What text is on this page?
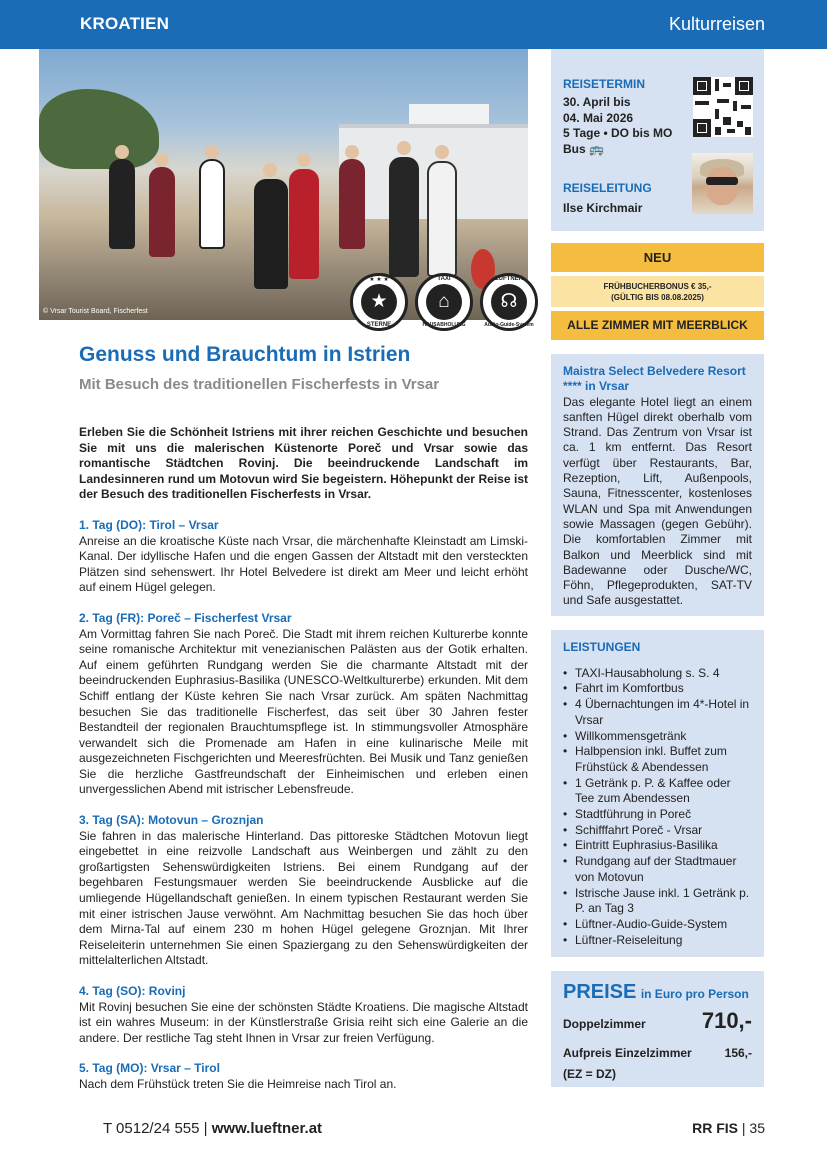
KROATIEN	Kulturreisen
© Vrsar Tourist Board, Fischerfest
★ ★ ★
★
STERNE
TAXI
⌂
HAUSABHOLUNG
LÜFTNER
☊
Audio-Guide-System
Genuss und Brauchtum in Istrien
Mit Besuch des traditionellen Fischerfests in Vrsar

Erleben Sie die Schönheit Istriens mit ihrer reichen Geschichte und besuchen Sie mit uns die malerischen Küstenorte Poreč und Vrsar sowie das romantische Städtchen Rovinj. Die beeindruckende Landschaft im Landesinneren rund um Motovun wird Sie begeistern. Höhepunkt der Reise ist der Besuch des traditionellen Fischerfests in Vrsar.

1. Tag (DO): Tirol – Vrsar

Anreise an die kroatische Küste nach Vrsar, die märchenhafte Kleinstadt am Limski-Kanal. Der idyllische Hafen und die engen Gassen der Altstadt mit den versteckten Plätzen sind sehenswert. Ihr Hotel Belvedere ist direkt am Meer und leicht erhöht auf einem Hügel gelegen.

2. Tag (FR): Poreč – Fischerfest Vrsar

Am Vormittag fahren Sie nach Poreč. Die Stadt mit ihrem reichen Kulturerbe konnte seine romanische Architektur mit venezianischen Palästen aus der Gotik erhalten. Auf einem geführten Rundgang werden Sie die charmante Altstadt mit der beeindruckenden Euphrasius-Basilika (UNESCO-Weltkulturerbe) erkunden. Mit dem Schiff entlang der Küste kehren Sie nach Vrsar zurück. Am späten Nachmittag besuchen Sie das traditionelle Fischerfest, das seit über 30 Jahren fester Bestandteil der regionalen Brauchtumspflege ist. In stimmungsvoller Atmosphäre verwandelt sich die Promenade am Hafen in eine kulinarische Meile mit ausgezeichneten Fischgerichten und Meeresfrüchten. Bei Musik und Tanz genießen Sie die herzliche Gastfreundschaft der Einheimischen und erleben einen unvergesslichen Abend mit istrischer Lebensfreude.

3. Tag (SA): Motovun – Groznjan

Sie fahren in das malerische Hinterland. Das pittoreske Städtchen Motovun liegt eingebettet in eine reizvolle Landschaft aus Weinbergen und zählt zu den großartigsten Sehenswürdigkeiten Istriens. Bei einem Rundgang auf der begehbaren Festungsmauer werden Sie beeindruckende Ausblicke auf die umliegende Hügellandschaft genießen. In einem typischen Restaurant werden Sie mit einer istrischen Jause verwöhnt. Am Nachmittag besuchen Sie das hoch über dem Mirna-Tal auf einem 230 m hohen Hügel gelegene Groznjan. Mit Ihrer Reiseleiterin unternehmen Sie einen Spaziergang zu den Sehenswürdigkeiten der mittelalterlichen Altstadt.

4. Tag (SO): Rovinj

Mit Rovinj besuchen Sie eine der schönsten Städte Kroatiens. Die magische Altstadt ist ein wahres Museum: in der Künstlerstraße Grisia reiht sich eine Galerie an die andere. Der restliche Tag steht Ihnen in Vrsar zur freien Verfügung.

5. Tag (MO): Vrsar – Tirol

Nach dem Frühstück treten Sie die Heimreise nach Tirol an.

REISETERMIN
30. April bis
04. Mai 2026
5 Tage • DO bis MO
Bus 🚌
REISELEITUNG
Ilse Kirchmair
NEU
FRÜHBUCHERBONUS € 35,-
(GÜLTIG BIS 08.08.2025)
ALLE ZIMMER MIT MEERBLICK
Maistra Select Belvedere Resort **** in Vrsar

Das elegante Hotel liegt an einem sanften Hügel direkt oberhalb vom Strand. Das Zentrum von Vrsar ist ca. 1 km entfernt. Das Resort verfügt über Restaurants, Bar, Rezeption, Lift, Außenpools, Sauna, Fitnesscenter, kostenloses WLAN und Spa mit Anwendungen sowie Massagen (gegen Gebühr). Die komfortablen Zimmer mit Balkon und Meerblick sind mit Badewanne oder Dusche/WC, Föhn, Pflegeprodukten, SAT-TV und Safe ausgestattet.

LEISTUNGEN
• TAXI-Hausabholung s. S. 4
• Fahrt im Komfortbus
• 4 Übernachtungen im 4*-Hotel in Vrsar
• Willkommensgetränk
• Halbpension inkl. Buffet zum Frühstück & Abendessen
• 1 Getränk p. P. & Kaffee oder Tee zum Abendessen
• Stadtführung in Poreč
• Schifffahrt Poreč - Vrsar
• Eintritt Euphrasius-Basilika
• Rundgang auf der Stadtmauer von Motovun
• Istrische Jause inkl. 1 Getränk p. P. an Tag 3
• Lüftner-Audio-Guide-System
• Lüftner-Reiseleitung
PREISE in Euro pro Person
Doppelzimmer	710,-
Aufpreis Einzelzimmer	156,-
(EZ = DZ)
T 0512/24 555 | www.lueftner.at	RR FIS | 35
